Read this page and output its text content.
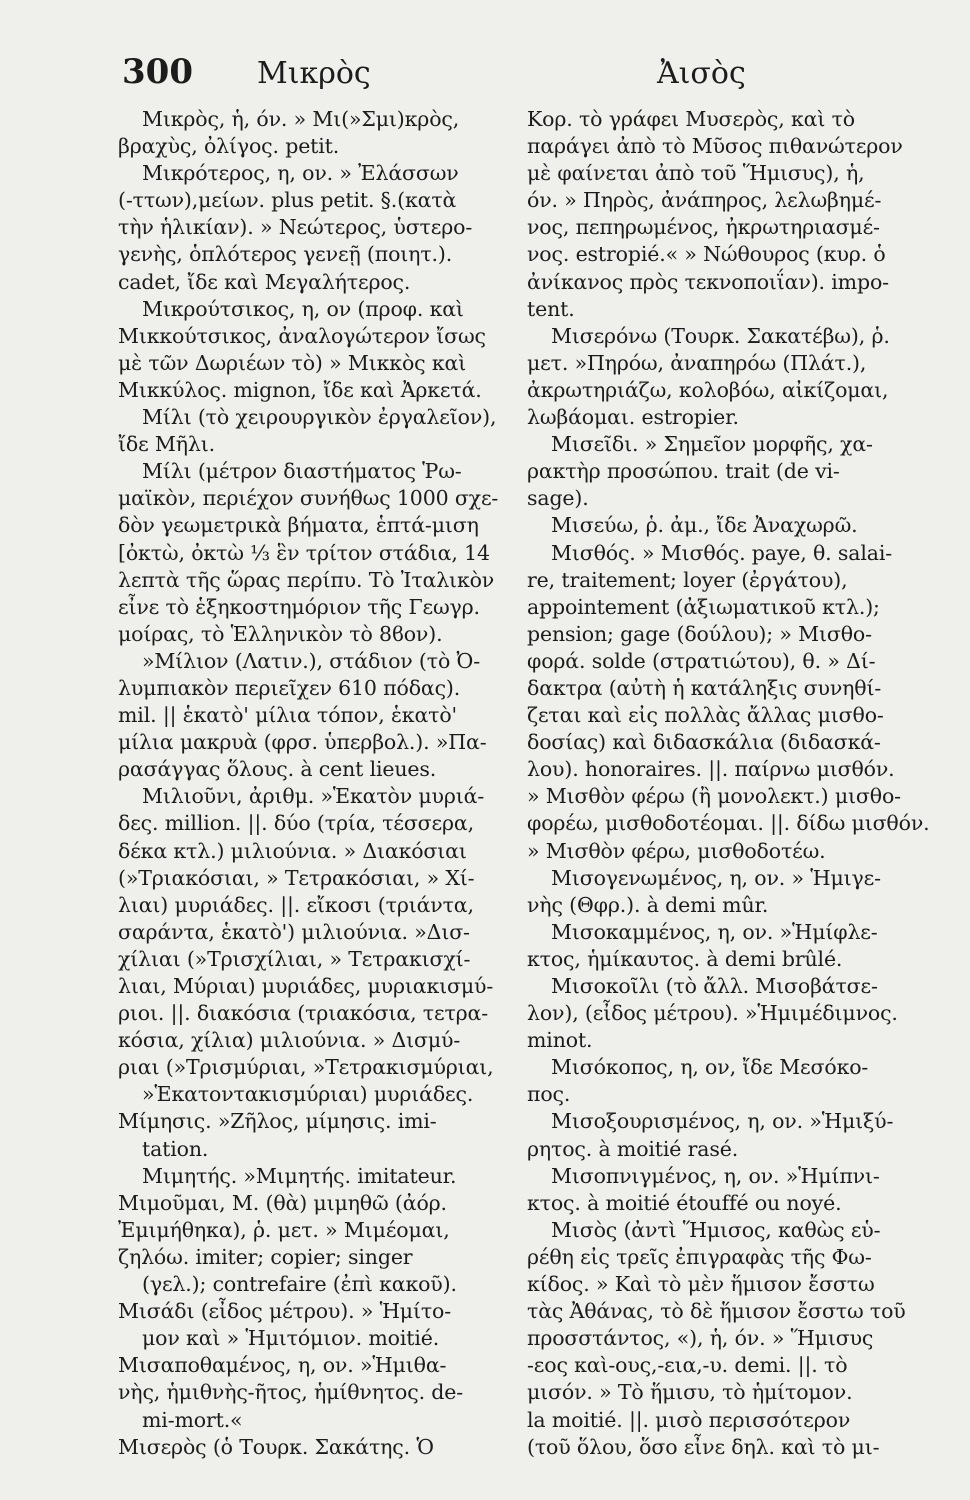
300 Μικρὸς	Ἀισὸς
Μικρὸς, ἡ, όν. » Μι(»Σμι)κρὸς,
βραχὺς, ὀλίγος. petit.
Μικρότερος, η, ον. » Ἐλάσσων
(-ττων),μείων. plus petit. §.(κατὰ
τὴν ἡλικίαν). » Νεώτερος, ὑστερο-
γενὴς, ὁπλότερος γενεῇ (ποιητ.).
cadet, ἴδε καὶ Μεγαλήτερος.
Μικρούτσικος, η, ον (προφ. καὶ
Μικκούτσικος, ἀναλογώτερον ἴσως
μὲ τῶν Δωριέων τὸ) » Μικκὸς καὶ
Μικκύλος. mignon, ἴδε καὶ Ἀρκετά.
Μίλι (τὸ χειρουργικὸν ἐργαλεῖον),
ἴδε Μῆλι.
Μίλι (μέτρον διαστήματος Ῥω-
μαϊκὸν, περιέχον συνήθως 1000 σχε-
δὸν γεωμετρικὰ βήματα, ἑπτά-μιση
[ὀκτὼ, ὀκτὼ ⅓ ἓν τρίτον στάδια, 14
λεπτὰ τῆς ὥρας περίπυ. Τὸ Ἰταλικὸν
εἶνε τὸ ἑξηκοστημόριον τῆς Γεωγρ.
μοίρας, τὸ Ἑλληνικὸν τὸ 8ϐον).
»Μίλιον (Λατιν.), στάδιον (τὸ Ὀ-
λυμπιακὸν περιεῖχεν 610 πόδας).
mil. || ἑκατὸ' μίλια τόπον, ἑκατὸ'
μίλια μακρυὰ (φρσ. ὑπερβολ.). »Πα-
ρασάγγας ὅλους. à cent lieues.
Μιλιοῦνι, ἀριθμ. »Ἑκατὸν μυριά-
δες. million. ||. δύο (τρία, τέσσερα,
δέκα κτλ.) μιλιούνια. » Διακόσιαι
(»Τριακόσιαι, » Τετρακόσιαι, » Χί-
λιαι) μυριάδες. ||. εἴκοσι (τριάντα,
σαράντα, ἑκατὸ') μιλιούνια. »Δισ-
χίλιαι (»Τρισχίλιαι, » Τετρακισχί-
λιαι, Μύριαι) μυριάδες, μυριακισμύ-
ριοι. ||. διακόσια (τριακόσια, τετρα-
κόσια, χίλια) μιλιούνια. » Δισμύ-
ριαι (»Τρισμύριαι, »Τετρακισμύριαι,
»Ἑκατοντακισμύριαι) μυριάδες.
Μίμησις. »Ζῆλος, μίμησις. imi-
tation.
Μιμητής. »Μιμητής. imitateur.
Μιμοῦμαι, Μ. (θὰ) μιμηθῶ (ἀόρ.
Ἐμιμήθηκα), ῥ. μετ. » Μιμέομαι,
ζηλόω. imiter; copier; singer
(γελ.); contrefaire (ἐπὶ κακοῦ).
Μισάδι (εἶδος μέτρου). » Ἡμίτο-
μον καὶ » Ἡμιτόμιον. moitié.
Μισαποθαμένος, η, ον. »Ἡμιθα-
νὴς, ἡμιθνὴς-ῆτος, ἡμίθνητος. de-
mi-mort.«
Μισερὸς (ὁ Τουρκ. Σακάτης. Ὁ
Κορ. τὸ γράφει Μυσερὸς, καὶ τὸ
παράγει ἀπὸ τὸ Μῦσος πιθανώτερον
μὲ φαίνεται ἀπὸ τοῦ Ἥμισυς), ἡ,
όν. » Πηρὸς, ἀνάπηρος, λελωβημέ-
νος, πεπηρωμένος, ἠκρωτηριασμέ-
νος. estropié.« » Νώθουρος (κυρ. ὁ
ἀνίκανος πρὸς τεκνοποιΐαν). impo-
tent.
Μισερόνω (Τουρκ. Σακατέβω), ῥ.
μετ. »Πηρόω, ἀναπηρόω (Πλάτ.),
ἀκρωτηριάζω, κολοβόω, αἰκίζομαι,
λωβάομαι. estropier.
Μισεῖδι. » Σημεῖον μορφῆς, χα-
ρακτὴρ προσώπου. trait (de vi-
sage).
Μισεύω, ῥ. ἀμ., ἴδε Ἀναχωρῶ.
Μισθός. » Μισθός. paye, θ. salai-
re, traitement; loyer (ἐργάτου),
appointement (ἀξιωματικοῦ κτλ.);
pension; gage (δούλου); » Μισθο-
φορά. solde (στρατιώτου), θ. » Δί-
δακτρα (αὐτὴ ἡ κατάληξις συνηθί-
ζεται καὶ εἰς πολλὰς ἄλλας μισθο-
δοσίας) καὶ διδασκάλια (διδασκά-
λου). honoraires. ||. παίρνω μισθόν.
» Μισθὸν φέρω (ἢ μονολεκτ.) μισθο-
φορέω, μισθοδοτέομαι. ||. δίδω μισθόν.
» Μισθὸν φέρω, μισθοδοτέω.
Μισογενωμένος, η, ον. » Ἡμιγε-
νὴς (Θφρ.). à demi mûr.
Μισοκαμμένος, η, ον. »Ἡμίφλε-
κτος, ἡμίκαυτος. à demi brûlé.
Μισοκοῖλι (τὸ ἄλλ. Μισοβάτσε-
λον), (εἶδος μέτρου). »Ἡμιμέδιμνος.
minot.
Μισόκοπος, η, ον, ἴδε Μεσόκο-
πος.
Μισοξουρισμένος, η, ον. »Ἡμιξύ-
ρητος. à moitié rasé.
Μισοπνιγμένος, η, ον. »Ἡμίπνι-
κτος. à moitié étouffé ou noyé.
Μισὸς (ἀντὶ Ἥμισος, καθὼς εὑ-
ρέθη εἰς τρεῖς ἐπιγραφὰς τῆς Φω-
κίδος. » Καὶ τὸ μὲν ἥμισον ἔσστω
τὰς Ἀθάνας, τὸ δὲ ἥμισον ἔσστω τοῦ
προσστάντος, «), ἡ, όν. » Ἥμισυς
-εος καὶ-ους,-εια,-υ. demi. ||. τὸ
μισόν. » Τὸ ἥμισυ, τὸ ἡμίτομον.
la moitié. ||. μισὸ περισσότερον
(τοῦ ὅλου, ὅσο εἶνε δηλ. καὶ τὸ μι-
